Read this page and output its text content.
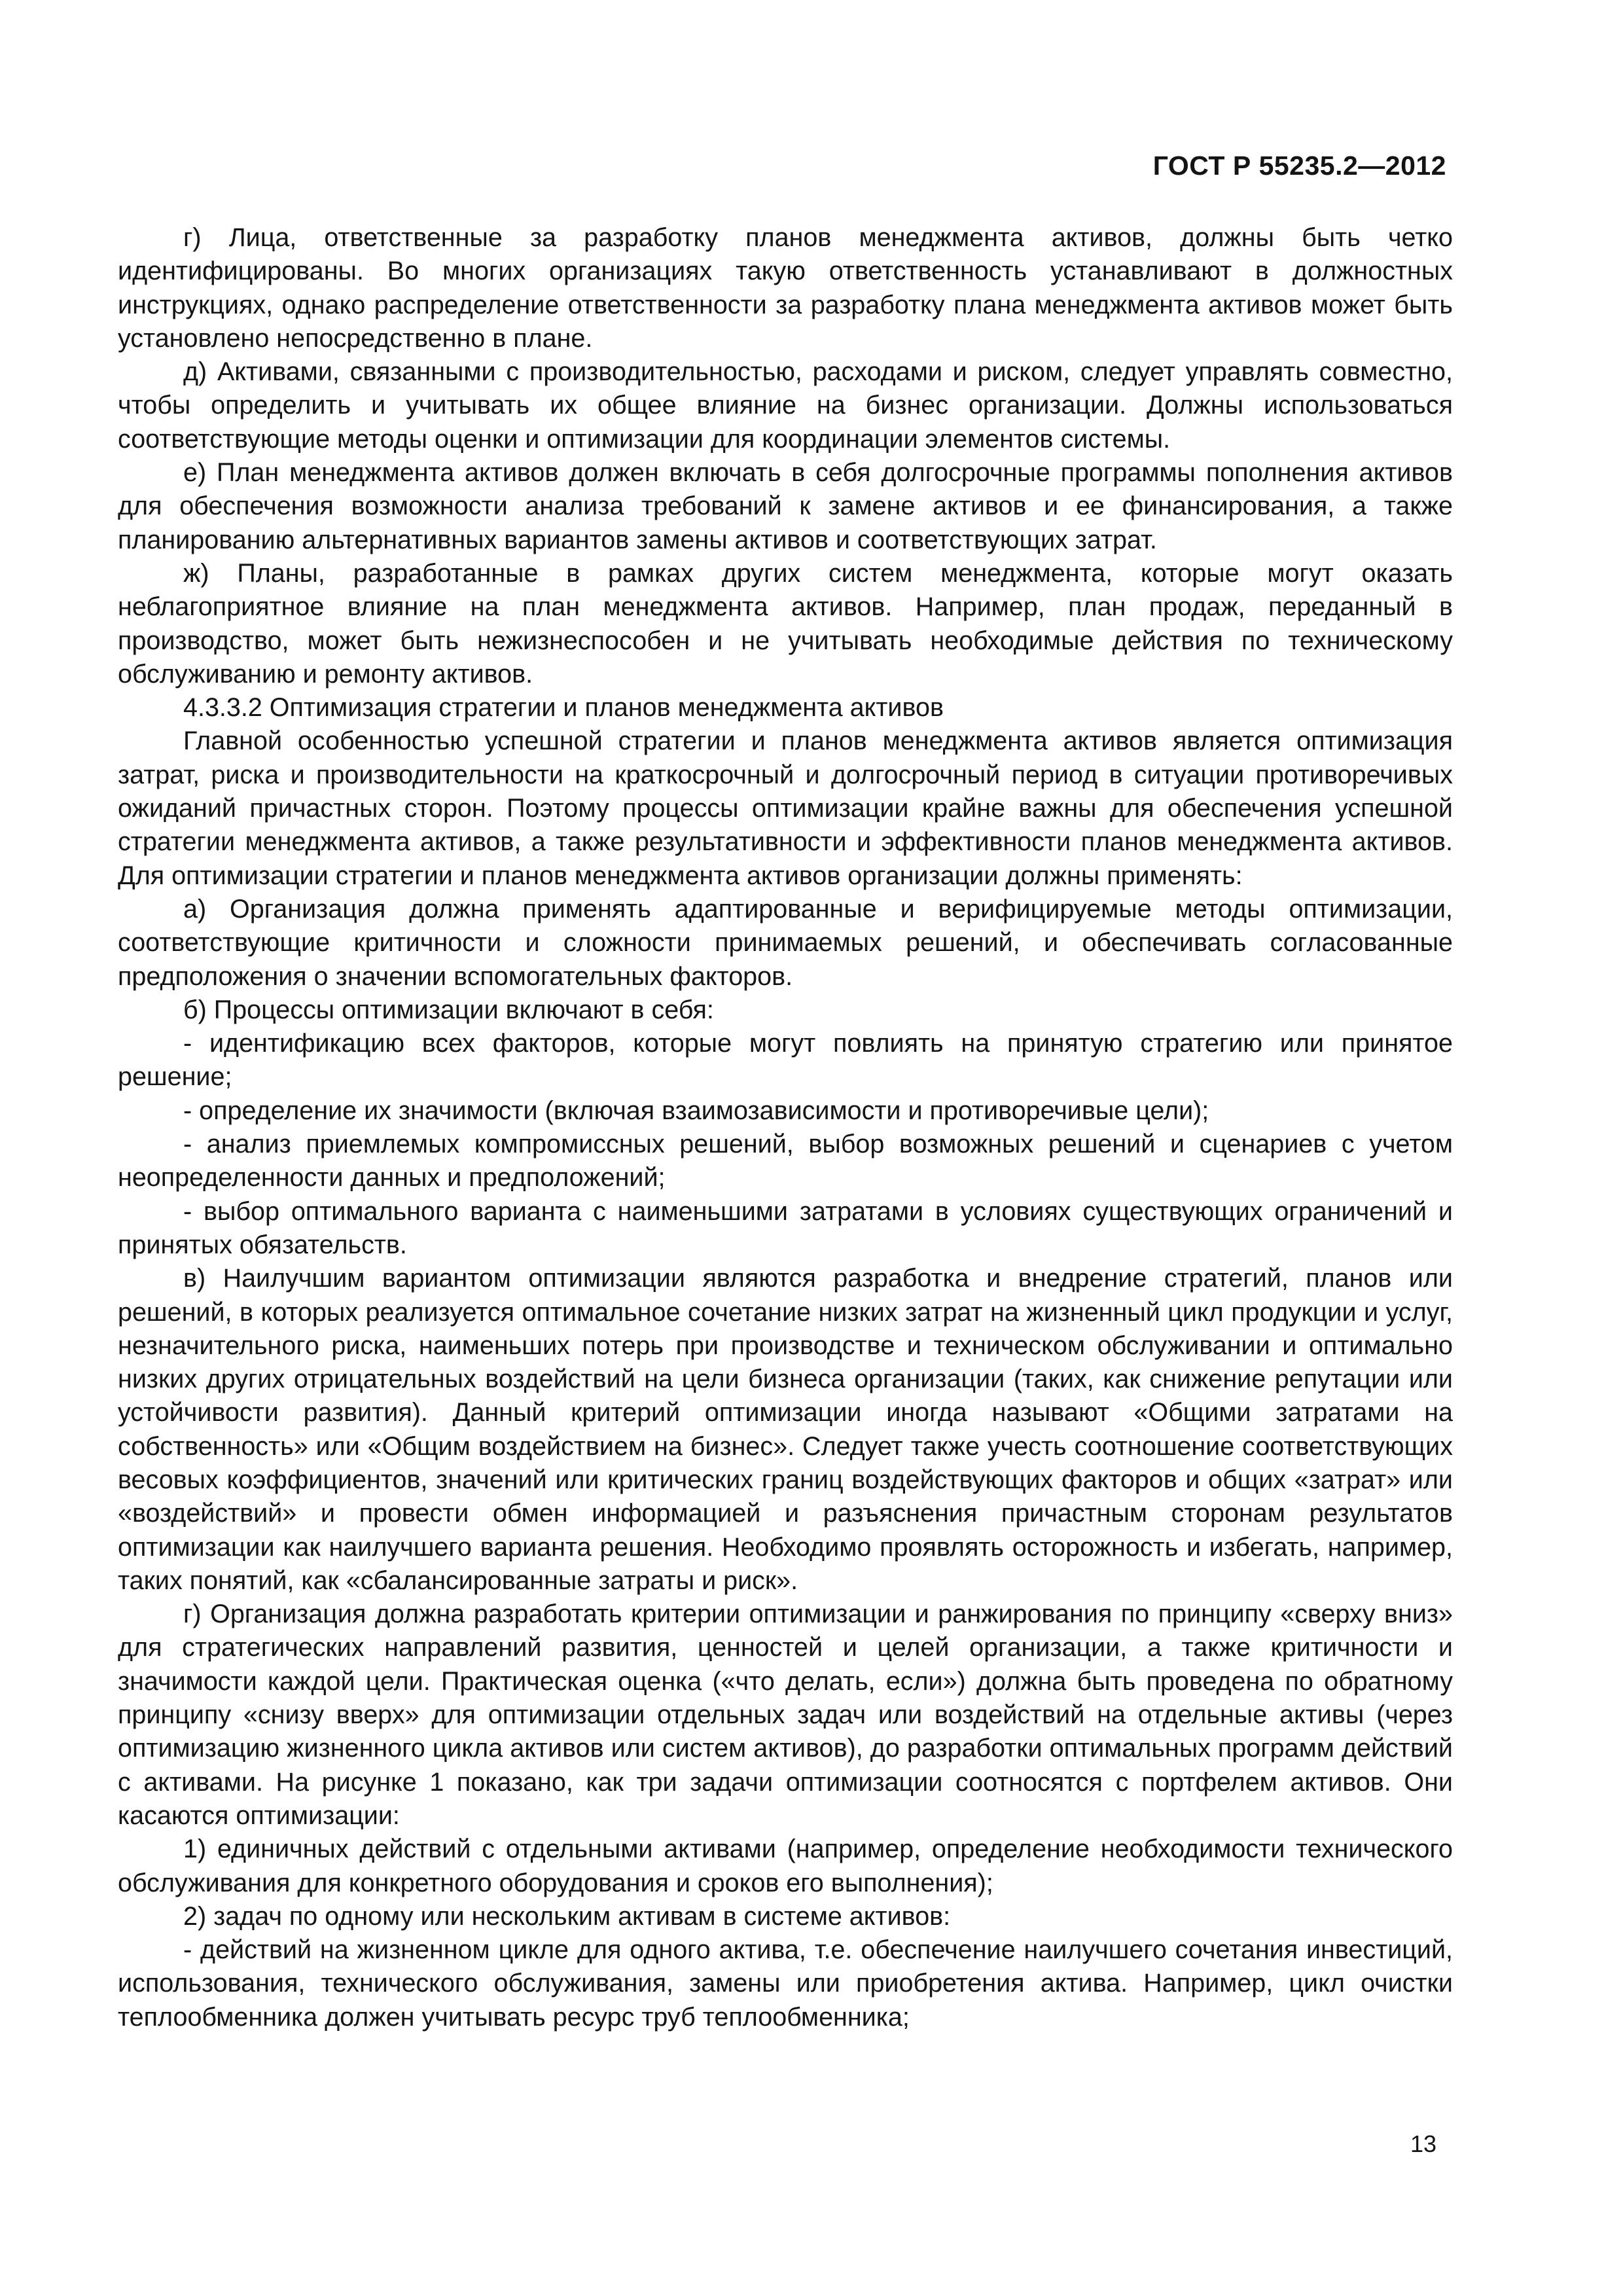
ГОСТ Р 55235.2—2012

г) Лица, ответственные за разработку планов менеджмента активов, должны быть четко идентифицированы. Во многих организациях такую ответственность устанавливают в должностных инструкциях, однако распределение ответственности за разработку плана менеджмента активов может быть установлено непосредственно в плане.

д) Активами, связанными с производительностью, расходами и риском, следует управлять совместно, чтобы определить и учитывать их общее влияние на бизнес организации. Должны использоваться соответствующие методы оценки и оптимизации для координации элементов системы.

е) План менеджмента активов должен включать в себя долгосрочные программы пополнения активов для обеспечения возможности анализа требований к замене активов и ее финансирования, а также планированию альтернативных вариантов замены активов и соответствующих затрат.

ж) Планы, разработанные в рамках других систем менеджмента, которые могут оказать неблагоприятное влияние на план менеджмента активов. Например, план продаж, переданный в производство, может быть нежизнеспособен и не учитывать необходимые действия по техническому обслуживанию и ремонту активов.

4.3.3.2 Оптимизация стратегии и планов менеджмента активов

Главной особенностью успешной стратегии и планов менеджмента активов является оптимизация затрат, риска и производительности на краткосрочный и долгосрочный период в ситуации противоречивых ожиданий причастных сторон. Поэтому процессы оптимизации крайне важны для обеспечения успешной стратегии менеджмента активов, а также результативности и эффективности планов менеджмента активов. Для оптимизации стратегии и планов менеджмента активов организации должны применять:

а) Организация должна применять адаптированные и верифицируемые методы оптимизации, соответствующие критичности и сложности принимаемых решений, и обеспечивать согласованные предположения о значении вспомогательных факторов.

б) Процессы оптимизации включают в себя:

- идентификацию всех факторов, которые могут повлиять на принятую стратегию или принятое решение;

- определение их значимости (включая взаимозависимости и противоречивые цели);

- анализ приемлемых компромиссных решений, выбор возможных решений и сценариев с учетом неопределенности данных и предположений;

- выбор оптимального варианта с наименьшими затратами в условиях существующих ограничений и принятых обязательств.

в) Наилучшим вариантом оптимизации являются разработка и внедрение стратегий, планов или решений, в которых реализуется оптимальное сочетание низких затрат на жизненный цикл продукции и услуг, незначительного риска, наименьших потерь при производстве и техническом обслуживании и оптимально низких других отрицательных воздействий на цели бизнеса организации (таких, как снижение репутации или устойчивости развития). Данный критерий оптимизации иногда называют «Общими затратами на собственность» или «Общим воздействием на бизнес». Следует также учесть соотношение соответствующих весовых коэффициентов, значений или критических границ воздействующих факторов и общих «затрат» или «воздействий» и провести обмен информацией и разъяснения причастным сторонам результатов оптимизации как наилучшего варианта решения. Необходимо проявлять осторожность и избегать, например, таких понятий, как «сбалансированные затраты и риск».

г) Организация должна разработать критерии оптимизации и ранжирования по принципу «сверху вниз» для стратегических направлений развития, ценностей и целей организации, а также критичности и значимости каждой цели. Практическая оценка («что делать, если») должна быть проведена по обратному принципу «снизу вверх» для оптимизации отдельных задач или воздействий на отдельные активы (через оптимизацию жизненного цикла активов или систем активов), до разработки оптимальных программ действий с активами. На рисунке 1 показано, как три задачи оптимизации соотносятся с портфелем активов. Они касаются оптимизации:

1) единичных действий с отдельными активами (например, определение необходимости технического обслуживания для конкретного оборудования и сроков его выполнения);

2) задач по одному или нескольким активам в системе активов:

- действий на жизненном цикле для одного актива, т.е. обеспечение наилучшего сочетания инвестиций, использования, технического обслуживания, замены или приобретения актива. Например, цикл очистки теплообменника должен учитывать ресурс труб теплообменника;

13
